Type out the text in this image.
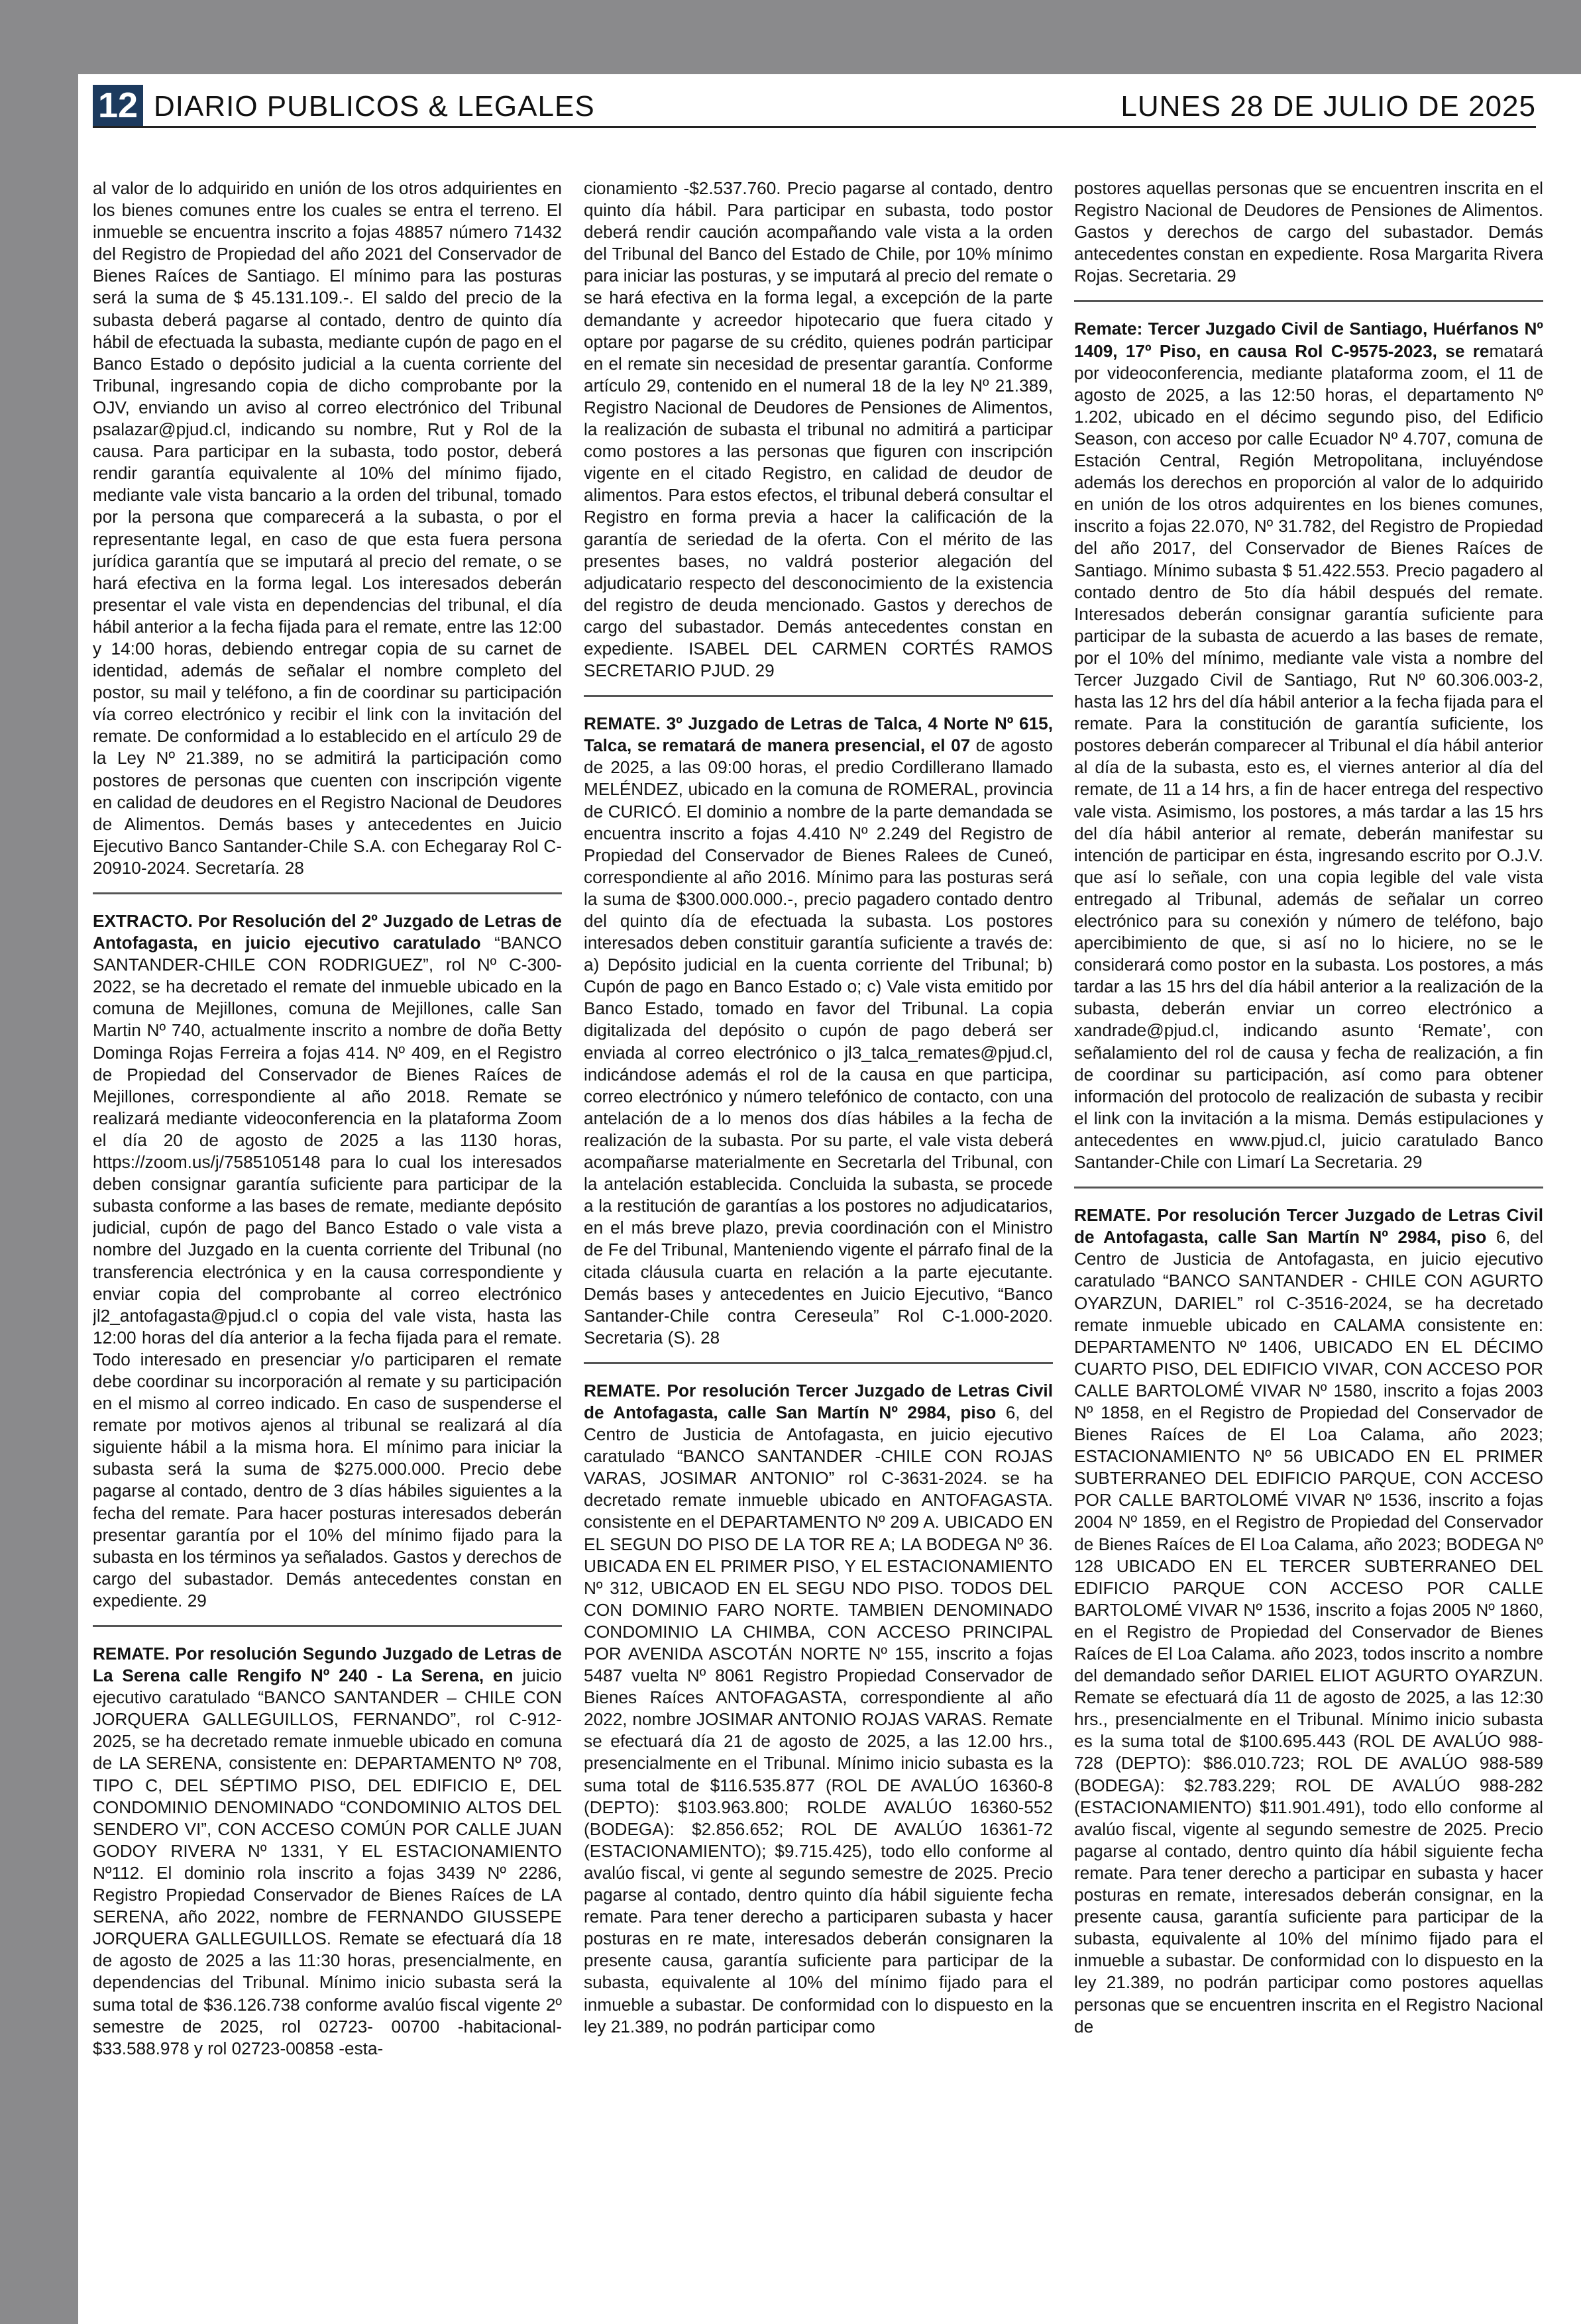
12 DIARIO PUBLICOS & LEGALES	LUNES 28 DE JULIO DE 2025

al valor de lo adquirido en unión de los otros adquirientes en los bienes comunes entre los cuales se entra el terreno. El inmueble se encuentra inscrito a fojas 48857 número 71432 del Registro de Propiedad del año 2021 del Conservador de Bienes Raíces de Santiago. El mínimo para las posturas será la suma de $ 45.131.109.-. El saldo del precio de la subasta deberá pagarse al contado, dentro de quinto día hábil de efectuada la subasta, mediante cupón de pago en el Banco Estado o depósito judicial a la cuenta corriente del Tribunal, ingresando copia de dicho comprobante por la OJV, enviando un aviso al correo electrónico del Tribunal psalazar@pjud.cl, indicando su nombre, Rut y Rol de la causa. Para participar en la subasta, todo postor, deberá rendir garantía equivalente al 10% del mínimo fijado, mediante vale vista bancario a la orden del tribunal, tomado por la persona que comparecerá a la subasta, o por el representante legal, en caso de que esta fuera persona jurídica garantía que se imputará al precio del remate, o se hará efectiva en la forma legal. Los interesados deberán presentar el vale vista en dependencias del tribunal, el día hábil anterior a la fecha fijada para el remate, entre las 12:00 y 14:00 horas, debiendo entregar copia de su carnet de identidad, además de señalar el nombre completo del postor, su mail y teléfono, a fin de coordinar su participación vía correo electrónico y recibir el link con la invitación del remate. De conformidad a lo establecido en el artículo 29 de la Ley Nº 21.389, no se admitirá la participación como postores de personas que cuenten con inscripción vigente en calidad de deudores en el Registro Nacional de Deudores de Alimentos. Demás bases y antecedentes en Juicio Ejecutivo Banco Santander-Chile S.A. con Echegaray Rol C-20910-2024. Secretaría. 28

EXTRACTO. Por Resolución del 2º Juzgado de Letras de Antofagasta, en juicio ejecutivo caratulado “BANCO SANTANDER-CHILE CON RODRIGUEZ”, rol Nº C-300-2022, se ha decretado el remate del inmueble ubicado en la comuna de Mejillones, comuna de Mejillones, calle San Martin Nº 740, actualmente inscrito a nombre de doña Betty Dominga Rojas Ferreira a fojas 414. Nº 409, en el Registro de Propiedad del Conservador de Bienes Raíces de Mejillones, correspondiente al año 2018. Remate se realizará mediante videoconferencia en la plataforma Zoom el día 20 de agosto de 2025 a las 1130 horas, https://zoom.us/j/7585105148 para lo cual los interesados deben consignar garantía suficiente para participar de la subasta conforme a las bases de remate, mediante depósito judicial, cupón de pago del Banco Estado o vale vista a nombre del Juzgado en la cuenta corriente del Tribunal (no transferencia electrónica y en la causa correspondiente y enviar copia del comprobante al correo electrónico jl2_antofagasta@pjud.cl o copia del vale vista, hasta las 12:00 horas del día anterior a la fecha fijada para el remate. Todo interesado en presenciar y/o participaren el remate debe coordinar su incorporación al remate y su participación en el mismo al correo indicado. En caso de suspenderse el remate por motivos ajenos al tribunal se realizará al día siguiente hábil a la misma hora. El mínimo para iniciar la subasta será la suma de $275.000.000. Precio debe pagarse al contado, dentro de 3 días hábiles siguientes a la fecha del remate. Para hacer posturas interesados deberán presentar garantía por el 10% del mínimo fijado para la subasta en los términos ya señalados. Gastos y derechos de cargo del subastador. Demás antecedentes constan en expediente. 29

REMATE. Por resolución Segundo Juzgado de Letras de La Serena calle Rengifo Nº 240 - La Serena, en juicio ejecutivo caratulado “BANCO SANTANDER – CHILE CON JORQUERA GALLEGUILLOS, FERNANDO”, rol C-912-2025, se ha decretado remate inmueble ubicado en comuna de LA SERENA, consistente en: DEPARTAMENTO Nº 708, TIPO C, DEL SÉPTIMO PISO, DEL EDIFICIO E, DEL CONDOMINIO DENOMINADO “CONDOMINIO ALTOS DEL SENDERO VI”, CON ACCESO COMÚN POR CALLE JUAN GODOY RIVERA Nº 1331, Y EL ESTACIONAMIENTO Nº112. El dominio rola inscrito a fojas 3439 Nº 2286, Registro Propiedad Conservador de Bienes Raíces de LA SERENA, año 2022, nombre de FERNANDO GIUSSEPE JORQUERA GALLEGUILLOS. Remate se efectuará día 18 de agosto de 2025 a las 11:30 horas, presencialmente, en dependencias del Tribunal. Mínimo inicio subasta será la suma total de $36.126.738 conforme avalúo fiscal vigente 2º semestre de 2025, rol 02723- 00700 -habitacional- $33.588.978 y rol 02723-00858 -esta-

cionamiento -$2.537.760. Precio pagarse al contado, dentro quinto día hábil. Para participar en subasta, todo postor deberá rendir caución acompañando vale vista a la orden del Tribunal del Banco del Estado de Chile, por 10% mínimo para iniciar las posturas, y se imputará al precio del remate o se hará efectiva en la forma legal, a excepción de la parte demandante y acreedor hipotecario que fuera citado y optare por pagarse de su crédito, quienes podrán participar en el remate sin necesidad de presentar garantía. Conforme artículo 29, contenido en el numeral 18 de la ley Nº 21.389, Registro Nacional de Deudores de Pensiones de Alimentos, la realización de subasta el tribunal no admitirá a participar como postores a las personas que figuren con inscripción vigente en el citado Registro, en calidad de deudor de alimentos. Para estos efectos, el tribunal deberá consultar el Registro en forma previa a hacer la calificación de la garantía de seriedad de la oferta. Con el mérito de las presentes bases, no valdrá posterior alegación del adjudicatario respecto del desconocimiento de la existencia del registro de deuda mencionado. Gastos y derechos de cargo del subastador. Demás antecedentes constan en expediente. ISABEL DEL CARMEN CORTÉS RAMOS SECRETARIO PJUD. 29

REMATE. 3º Juzgado de Letras de Talca, 4 Norte Nº 615, Talca, se rematará de manera presencial, el 07 de agosto de 2025, a las 09:00 horas, el predio Cordillerano llamado MELÉNDEZ, ubicado en la comuna de ROMERAL, provincia de CURICÓ. El dominio a nombre de la parte demandada se encuentra inscrito a fojas 4.410 Nº 2.249 del Registro de Propiedad del Conservador de Bienes Ralees de Cuneó, correspondiente al año 2016. Mínimo para las posturas será la suma de $300.000.000.-, precio pagadero contado dentro del quinto día de efectuada la subasta. Los postores interesados deben constituir garantía suficiente a través de: a) Depósito judicial en la cuenta corriente del Tribunal; b) Cupón de pago en Banco Estado o; c) Vale vista emitido por Banco Estado, tomado en favor del Tribunal. La copia digitalizada del depósito o cupón de pago deberá ser enviada al correo electrónico o jl3_talca_remates@pjud.cl, indicándose además el rol de la causa en que participa, correo electrónico y número telefónico de contacto, con una antelación de a lo menos dos días hábiles a la fecha de realización de la subasta. Por su parte, el vale vista deberá acompañarse materialmente en Secretarla del Tribunal, con la antelación establecida. Concluida la subasta, se procede a la restitución de garantías a los postores no adjudicatarios, en el más breve plazo, previa coordinación con el Ministro de Fe del Tribunal, Manteniendo vigente el párrafo final de la citada cláusula cuarta en relación a la parte ejecutante. Demás bases y antecedentes en Juicio Ejecutivo, “Banco Santander-Chile contra Cereseula” Rol C-1.000-2020. Secretaria (S). 28

REMATE. Por resolución Tercer Juzgado de Letras Civil de Antofagasta, calle San Martín Nº 2984, piso 6, del Centro de Justicia de Antofagasta, en juicio ejecutivo caratulado “BANCO SANTANDER -CHILE CON ROJAS VARAS, JOSIMAR ANTONIO” rol C-3631-2024. se ha decretado remate inmueble ubicado en ANTOFAGASTA. consistente en el DEPARTAMENTO Nº 209 A. UBICADO EN EL SEGUN DO PISO DE LA TOR RE A; LA BODEGA Nº 36. UBICADA EN EL PRIMER PISO, Y EL ESTACIONAMIENTO Nº 312, UBICAOD EN EL SEGU NDO PISO. TODOS DEL CON DOMINIO FARO NORTE. TAMBIEN DENOMINADO CONDOMINIO LA CHIMBA, CON ACCESO PRINCIPAL POR AVENIDA ASCOTÁN NORTE Nº 155, inscrito a fojas 5487 vuelta Nº 8061 Registro Propiedad Conservador de Bienes Raíces ANTOFAGASTA, correspondiente al año 2022, nombre JOSIMAR ANTONIO ROJAS VARAS. Remate se efectuará día 21 de agosto de 2025, a las 12.00 hrs., presencialmente en el Tribunal. Mínimo inicio subasta es la suma total de $116.535.877 (ROL DE AVALÚO 16360-8 (DEPTO): $103.963.800; ROLDE AVALÚO 16360-552 (BODEGA): $2.856.652; ROL DE AVALÚO 16361-72 (ESTACIONAMIENTO); $9.715.425), todo ello conforme al avalúo fiscal, vi gente al segundo semestre de 2025. Precio pagarse al contado, dentro quinto día hábil siguiente fecha remate. Para tener derecho a participaren subasta y hacer posturas en re mate, interesados deberán consignaren la presente causa, garantía suficiente para participar de la subasta, equivalente al 10% del mínimo fijado para el inmueble a subastar. De conformidad con lo dispuesto en la ley 21.389, no podrán participar como

postores aquellas personas que se encuentren inscrita en el Registro Nacional de Deudores de Pensiones de Alimentos. Gastos y derechos de cargo del subastador. Demás antecedentes constan en expediente. Rosa Margarita Rivera Rojas. Secretaria. 29

Remate: Tercer Juzgado Civil de Santiago, Huérfanos Nº 1409, 17º Piso, en causa Rol C-9575-2023, se rematará por videoconferencia, mediante plataforma zoom, el 11 de agosto de 2025, a las 12:50 horas, el departamento Nº 1.202, ubicado en el décimo segundo piso, del Edificio Season, con acceso por calle Ecuador Nº 4.707, comuna de Estación Central, Región Metropolitana, incluyéndose además los derechos en proporción al valor de lo adquirido en unión de los otros adquirentes en los bienes comunes, inscrito a fojas 22.070, Nº 31.782, del Registro de Propiedad del año 2017, del Conservador de Bienes Raíces de Santiago. Mínimo subasta $ 51.422.553. Precio pagadero al contado dentro de 5to día hábil después del remate. Interesados deberán consignar garantía suficiente para participar de la subasta de acuerdo a las bases de remate, por el 10% del mínimo, mediante vale vista a nombre del Tercer Juzgado Civil de Santiago, Rut Nº 60.306.003-2, hasta las 12 hrs del día hábil anterior a la fecha fijada para el remate. Para la constitución de garantía suficiente, los postores deberán comparecer al Tribunal el día hábil anterior al día de la subasta, esto es, el viernes anterior al día del remate, de 11 a 14 hrs, a fin de hacer entrega del respectivo vale vista. Asimismo, los postores, a más tardar a las 15 hrs del día hábil anterior al remate, deberán manifestar su intención de participar en ésta, ingresando escrito por O.J.V. que así lo señale, con una copia legible del vale vista entregado al Tribunal, además de señalar un correo electrónico para su conexión y número de teléfono, bajo apercibimiento de que, si así no lo hiciere, no se le considerará como postor en la subasta. Los postores, a más tardar a las 15 hrs del día hábil anterior a la realización de la subasta, deberán enviar un correo electrónico a xandrade@pjud.cl, indicando asunto ‘Remate’, con señalamiento del rol de causa y fecha de realización, a fin de coordinar su participación, así como para obtener información del protocolo de realización de subasta y recibir el link con la invitación a la misma. Demás estipulaciones y antecedentes en www.pjud.cl, juicio caratulado Banco Santander-Chile con Limarí La Secretaria. 29

REMATE. Por resolución Tercer Juzgado de Letras Civil de Antofagasta, calle San Martín Nº 2984, piso 6, del Centro de Justicia de Antofagasta, en juicio ejecutivo caratulado “BANCO SANTANDER - CHILE CON AGURTO OYARZUN, DARIEL” rol C-3516-2024, se ha decretado remate inmueble ubicado en CALAMA consistente en: DEPARTAMENTO Nº 1406, UBICADO EN EL DÉCIMO CUARTO PISO, DEL EDIFICIO VIVAR, CON ACCESO POR CALLE BARTOLOMÉ VIVAR Nº 1580, inscrito a fojas 2003 Nº 1858, en el Registro de Propiedad del Conservador de Bienes Raíces de El Loa Calama, año 2023; ESTACIONAMIENTO Nº 56 UBICADO EN EL PRIMER SUBTERRANEO DEL EDIFICIO PARQUE, CON ACCESO POR CALLE BARTOLOMÉ VIVAR Nº 1536, inscrito a fojas 2004 Nº 1859, en el Registro de Propiedad del Conservador de Bienes Raíces de El Loa Calama, año 2023; BODEGA Nº 128 UBICADO EN EL TERCER SUBTERRANEO DEL EDIFICIO PARQUE CON ACCESO POR CALLE BARTOLOMÉ VIVAR Nº 1536, inscrito a fojas 2005 Nº 1860, en el Registro de Propiedad del Conservador de Bienes Raíces de El Loa Calama. año 2023, todos inscrito a nombre del demandado señor DARIEL ELIOT AGURTO OYARZUN. Remate se efectuará día 11 de agosto de 2025, a las 12:30 hrs., presencialmente en el Tribunal. Mínimo inicio subasta es la suma total de $100.695.443 (ROL DE AVALÚO 988-728 (DEPTO): $86.010.723; ROL DE AVALÚO 988-589 (BODEGA): $2.783.229; ROL DE AVALÚO 988-282 (ESTACIONAMIENTO) $11.901.491), todo ello conforme al avalúo fiscal, vigente al segundo semestre de 2025. Precio pagarse al contado, dentro quinto día hábil siguiente fecha remate. Para tener derecho a participar en subasta y hacer posturas en remate, interesados deberán consignar, en la presente causa, garantía suficiente para participar de la subasta, equivalente al 10% del mínimo fijado para el inmueble a subastar. De conformidad con lo dispuesto en la ley 21.389, no podrán participar como postores aquellas personas que se encuentren inscrita en el Registro Nacional de
